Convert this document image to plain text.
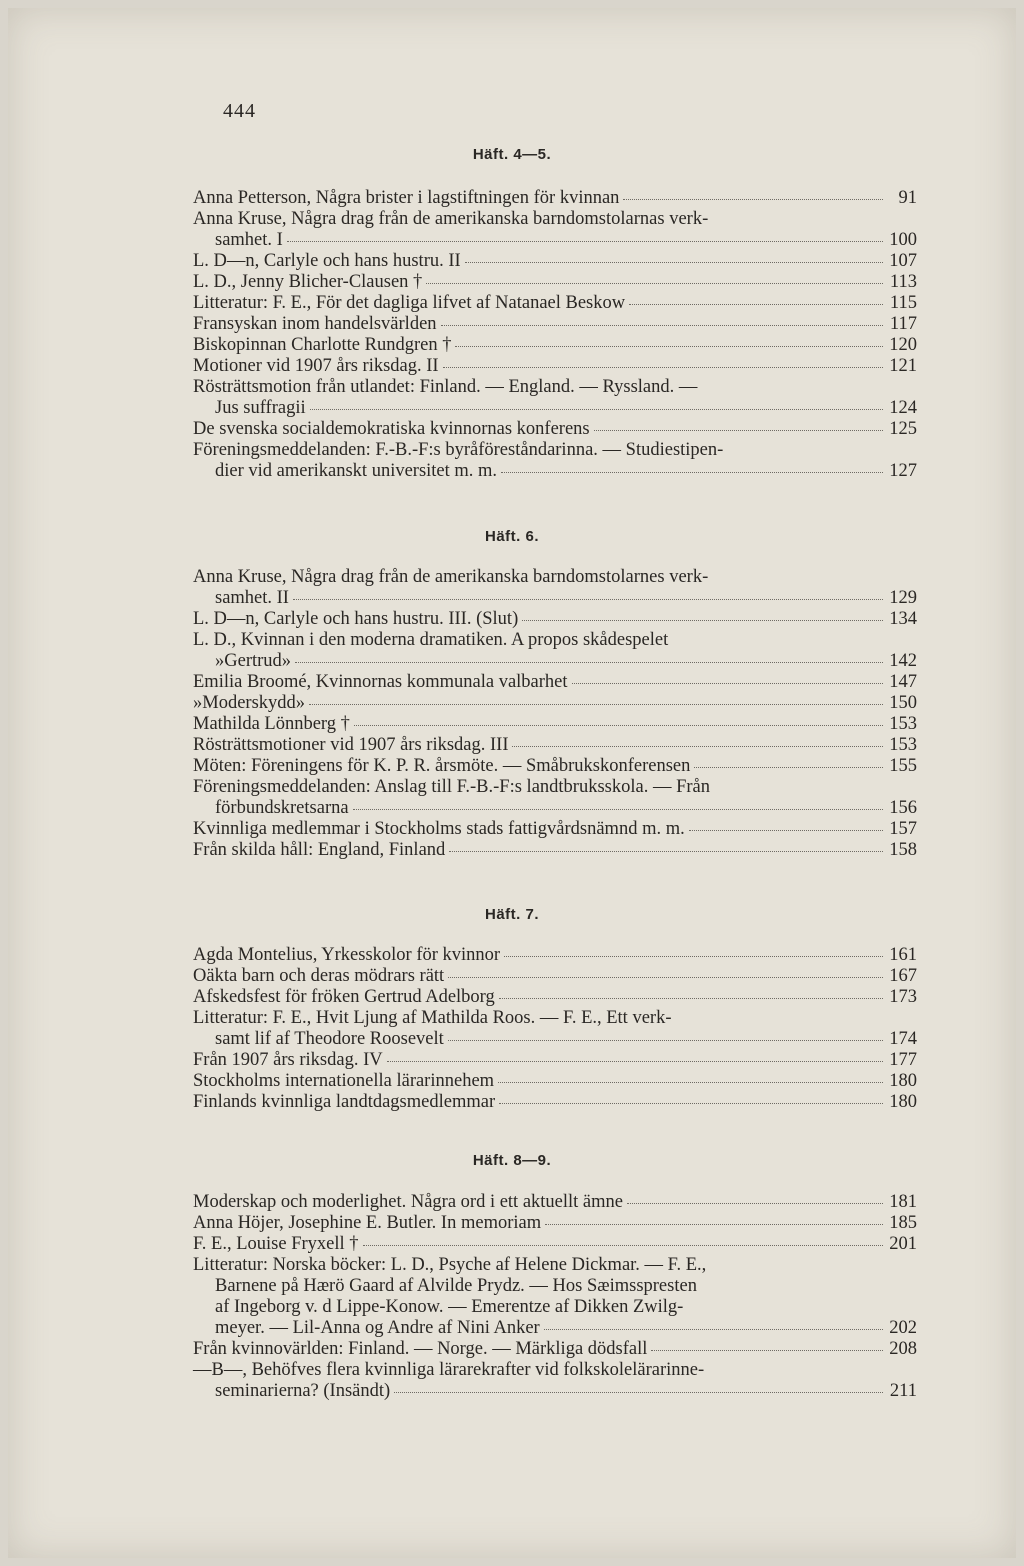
444
Häft. 4—5.
Anna Petterson, Några brister i lagstiftningen för kvinnan	91
Anna Kruse, Några drag från de amerikanska barndomstolarnas verk-
samhet. I	100
L. D—n, Carlyle och hans hustru. II	107
L. D., Jenny Blicher-Clausen †	113
Litteratur: F. E., För det dagliga lifvet af Natanael Beskow	115
Fransyskan inom handelsvärlden	117
Biskopinnan Charlotte Rundgren †	120
Motioner vid 1907 års riksdag. II	121
Rösträttsmotion från utlandet: Finland. — England. — Ryssland. —
Jus suffragii	124
De svenska socialdemokratiska kvinnornas konferens	125
Föreningsmeddelanden: F.-B.-F:s byråföreståndarinna. — Studiestipen-
dier vid amerikanskt universitet m. m.	127
Häft. 6.
Anna Kruse, Några drag från de amerikanska barndomstolarnes verk-
samhet. II	129
L. D—n, Carlyle och hans hustru. III. (Slut)	134
L. D., Kvinnan i den moderna dramatiken. A propos skådespelet
»Gertrud»	142
Emilia Broomé, Kvinnornas kommunala valbarhet	147
»Moderskydd»	150
Mathilda Lönnberg †	153
Rösträttsmotioner vid 1907 års riksdag. III	153
Möten: Föreningens för K. P. R. årsmöte. — Småbrukskonferensen	155
Föreningsmeddelanden: Anslag till F.-B.-F:s landtbruksskola. — Från
förbundskretsarna	156
Kvinnliga medlemmar i Stockholms stads fattigvårdsnämnd m. m.	157
Från skilda håll: England, Finland	158
Häft. 7.
Agda Montelius, Yrkesskolor för kvinnor	161
Oäkta barn och deras mödrars rätt	167
Afskedsfest för fröken Gertrud Adelborg	173
Litteratur: F. E., Hvit Ljung af Mathilda Roos. — F. E., Ett verk-
samt lif af Theodore Roosevelt	174
Från 1907 års riksdag. IV	177
Stockholms internationella lärarinnehem	180
Finlands kvinnliga landtdagsmedlemmar	180
Häft. 8—9.
Moderskap och moderlighet. Några ord i ett aktuellt ämne	181
Anna Höjer, Josephine E. Butler. In memoriam	185
F. E., Louise Fryxell †	201
Litteratur: Norska böcker: L. D., Psyche af Helene Dickmar. — F. E.,
Barnene på Hærö Gaard af Alvilde Prydz. — Hos Sæimsspresten
af Ingeborg v. d Lippe-Konow. — Emerentze af Dikken Zwilg-
meyer. — Lil-Anna og Andre af Nini Anker	202
Från kvinnovärlden: Finland. — Norge. — Märkliga dödsfall	208
—B—, Behöfves flera kvinnliga lärarekrafter vid folkskolelärarinne-
seminarierna? (Insändt)	211
